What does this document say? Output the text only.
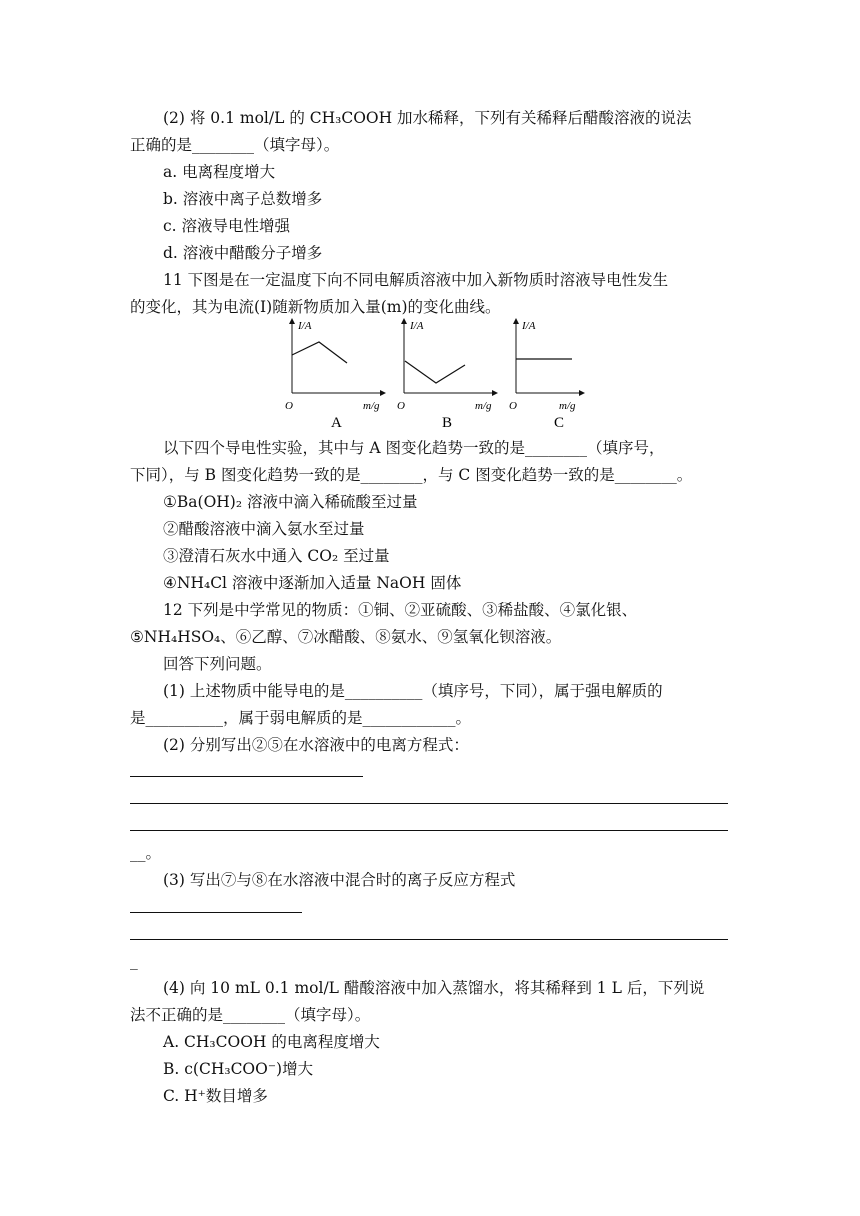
(2) 将 0.1 mol/L 的 CH₃COOH 加水稀释，下列有关稀释后醋酸溶液的说法
正确的是________（填字母）。
a. 电离程度增大
b. 溶液中离子总数增多
c. 溶液导电性增强
d. 溶液中醋酸分子增多
11 下图是在一定温度下向不同电解质溶液中加入新物质时溶液导电性发生
的变化，其为电流(I)随新物质加入量(m)的变化曲线。
I/A
O	m/g
A
I/A
O	m/g
B
I/A
O	m/g
C
以下四个导电性实验，其中与 A 图变化趋势一致的是________（填序号，
下同），与 B 图变化趋势一致的是________，与 C 图变化趋势一致的是________。
①Ba(OH)₂ 溶液中滴入稀硫酸至过量
②醋酸溶液中滴入氨水至过量
③澄清石灰水中通入 CO₂ 至过量
④NH₄Cl 溶液中逐渐加入适量 NaOH 固体
12 下列是中学常见的物质：①铜、②亚硫酸、③稀盐酸、④氯化银、
⑤NH₄HSO₄、⑥乙醇、⑦冰醋酸、⑧氨水、⑨氢氧化钡溶液。
回答下列问题。
(1) 上述物质中能导电的是__________（填序号，下同），属于强电解质的
是__________，属于弱电解质的是____________。
(2) 分别写出②⑤在水溶液中的电离方程式：
__。
(3) 写出⑦与⑧在水溶液中混合时的离子反应方程式
_
(4) 向 10 mL 0.1 mol/L 醋酸溶液中加入蒸馏水，将其稀释到 1 L 后，下列说
法不正确的是________（填字母）。
A. CH₃COOH 的电离程度增大
B. c(CH₃COO⁻)增大
C. H⁺数目增多
